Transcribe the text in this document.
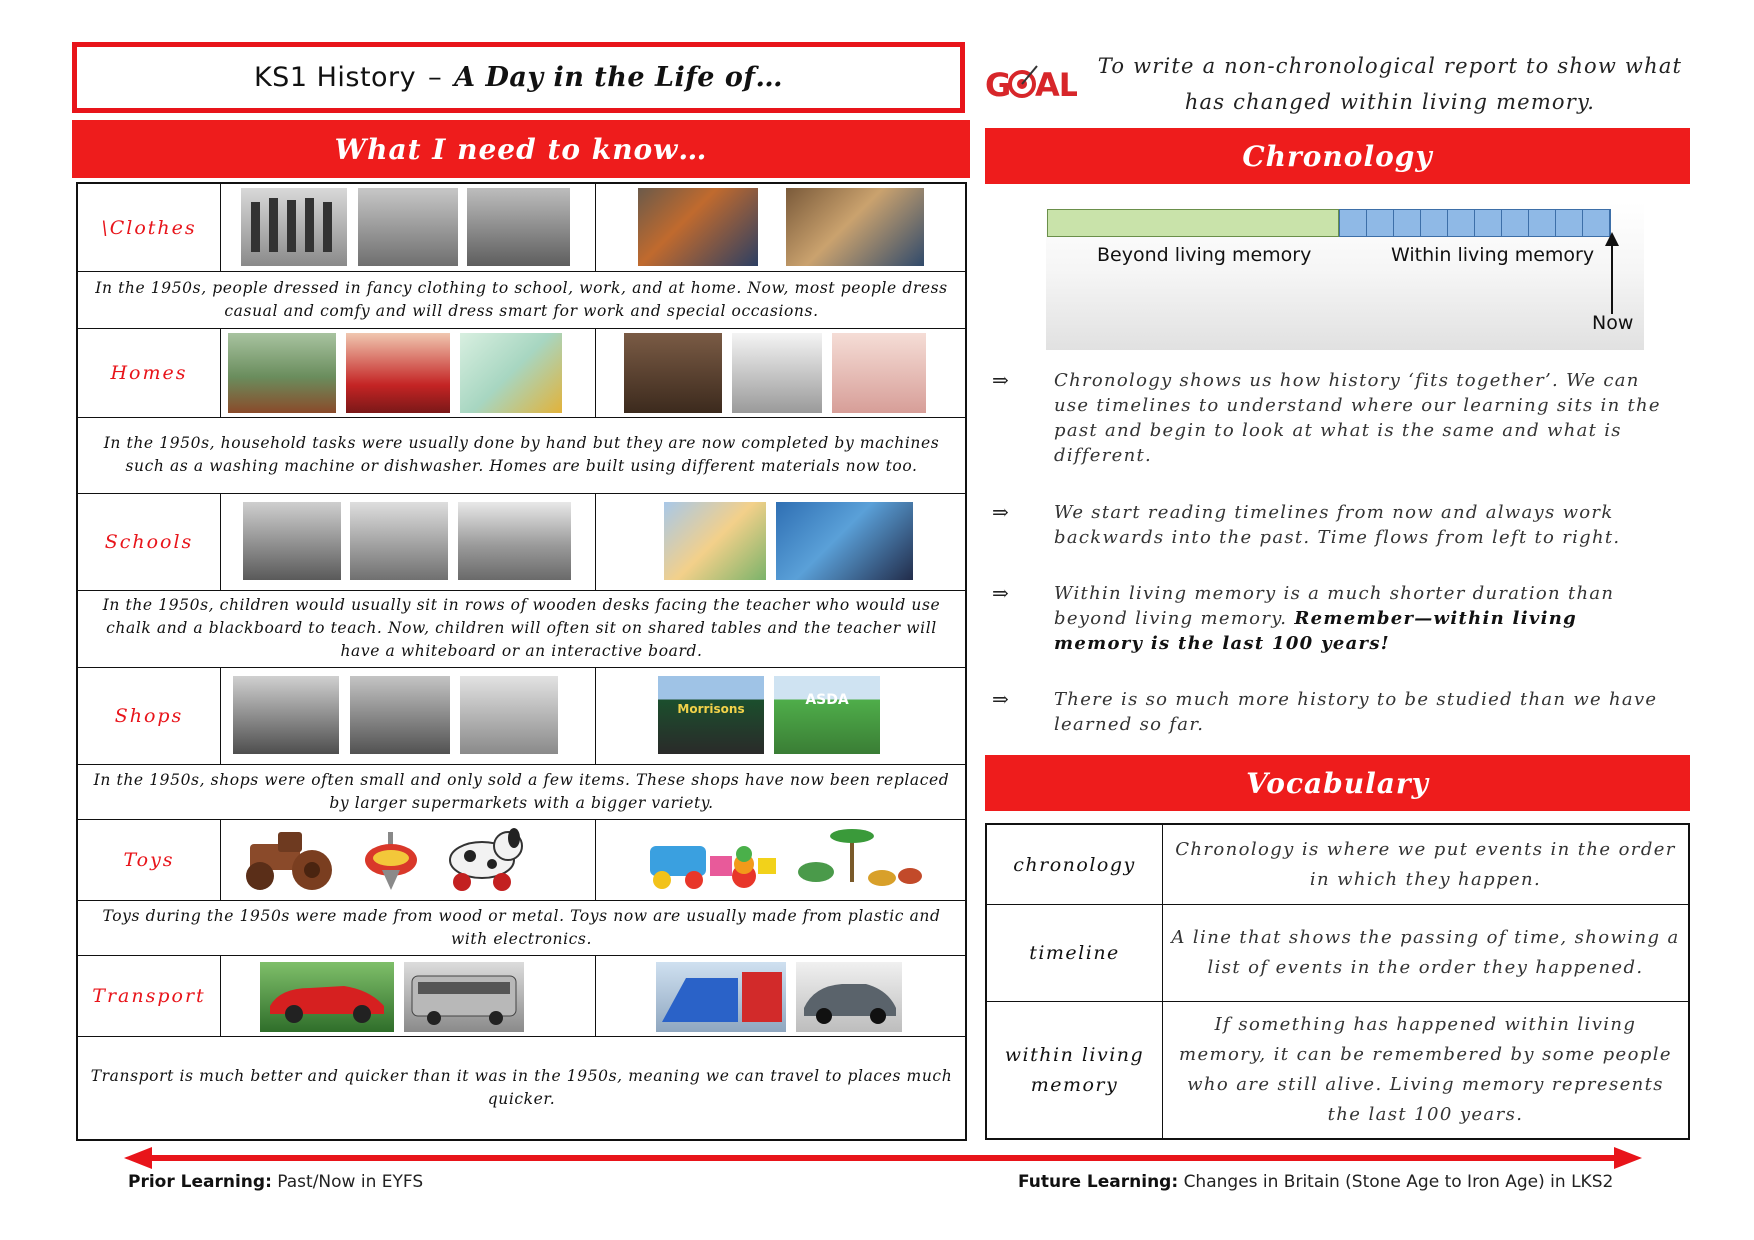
KS1 History – A Day in the Life of…	G AL To write a non-chronological report to show what has changed within living memory.
What I need to know…
\Clothes
In the 1950s, people dressed in fancy clothing to school, work, and at home. Now, most people dress casual and comfy and will dress smart for work and special occasions.
Homes
In the 1950s, household tasks were usually done by hand but they are now completed by machines such as a washing machine or dishwasher. Homes are built using different materials now too.
Schools
In the 1950s, children would usually sit in rows of wooden desks facing the teacher who would use chalk and a blackboard to teach. Now, children will often sit on shared tables and the teacher will have a whiteboard or an interactive board.
Shops	Morrisons
ASDA
In the 1950s, shops were often small and only sold a few items. These shops have now been replaced by larger supermarkets with a bigger variety.
Toys
Toys during the 1950s were made from wood or metal. Toys now are usually made from plastic and with electronics.
Transport
Transport is much better and quicker than it was in the 1950s, meaning we can travel to places much quicker.
Chronology
Beyond living memory	Within living memory
Now
⇒ Chronology shows us how history ‘fits together’. We can use timelines to understand where our learning sits in the past and begin to look at what is the same and what is different.
⇒ We start reading timelines from now and always work backwards into the past. Time flows from left to right.
⇒ Within living memory is a much shorter duration than beyond living memory. Remember—within living memory is the last 100 years!
⇒ There is so much more history to be studied than we have learned so far.
Vocabulary
chronology
Chronology is where we put events in the order in which they happen.
timeline
A line that shows the passing of time, showing a list of events in the order they happened.
within living memory
If something has happened within living memory, it can be remembered by some people who are still alive. Living memory represents the last 100 years.
Prior Learning: Past/Now in EYFS	Future Learning: Changes in Britain (Stone Age to Iron Age) in LKS2
